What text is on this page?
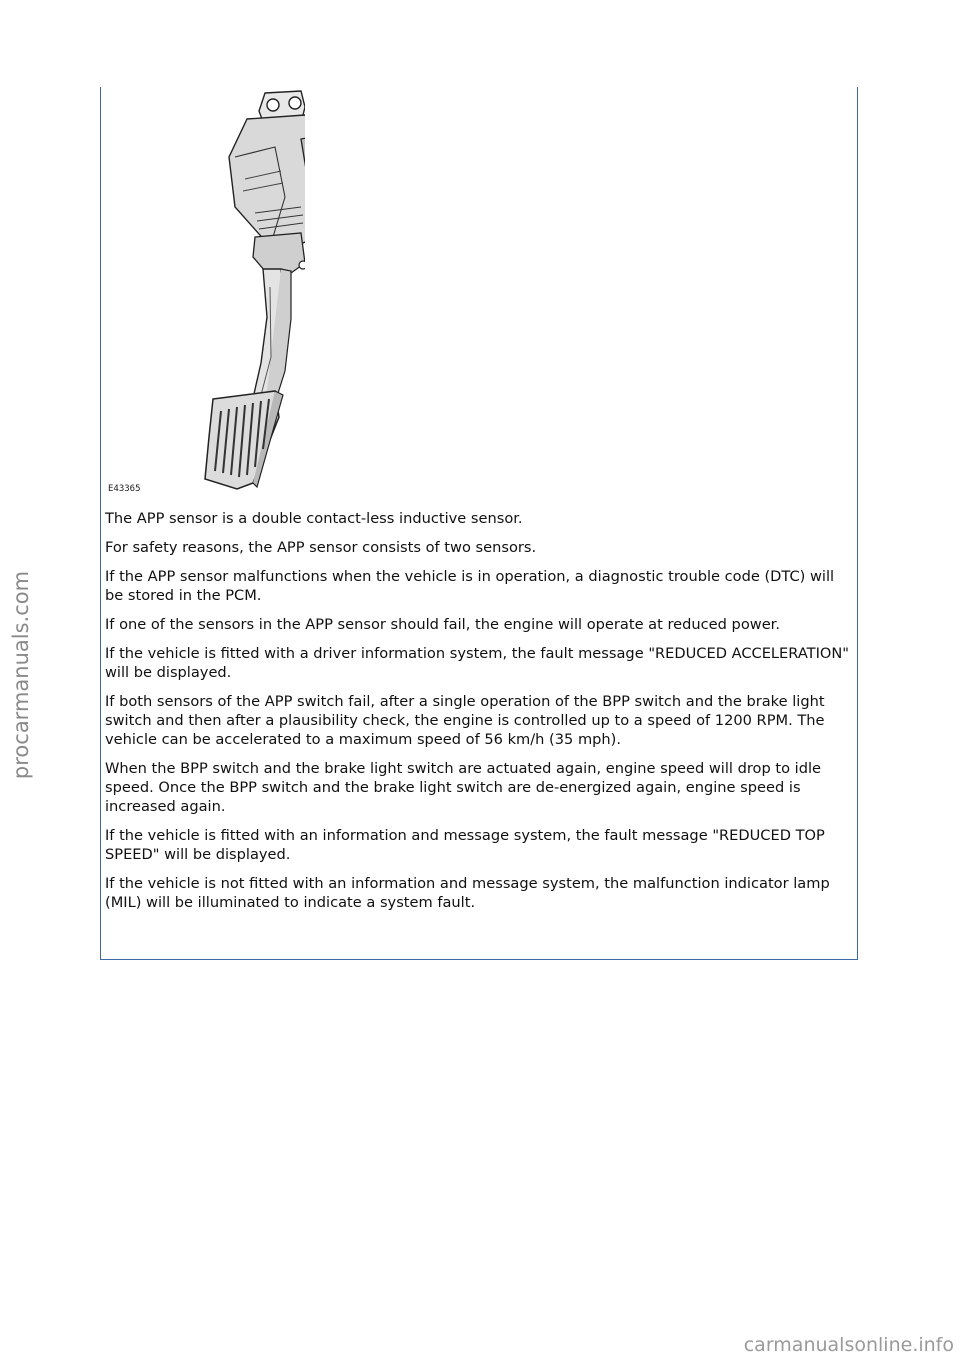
procarmanuals.com
E43365

The APP sensor is a double contact-less inductive sensor.

For safety reasons, the APP sensor consists of two sensors.

If the APP sensor malfunctions when the vehicle is in operation, a diagnostic trouble code (DTC) will be stored in the PCM.

If one of the sensors in the APP sensor should fail, the engine will operate at reduced power.

If the vehicle is fitted with a driver information system, the fault message "REDUCED ACCELERATION" will be displayed.

If both sensors of the APP switch fail, after a single operation of the BPP switch and the brake light switch and then after a plausibility check, the engine is controlled up to a speed of 1200 RPM. The vehicle can be accelerated to a maximum speed of 56 km/h (35 mph).

When the BPP switch and the brake light switch are actuated again, engine speed will drop to idle speed. Once the BPP switch and the brake light switch are de-energized again, engine speed is increased again.

If the vehicle is fitted with an information and message system, the fault message "REDUCED TOP SPEED" will be displayed.

If the vehicle is not fitted with an information and message system, the malfunction indicator lamp (MIL) will be illuminated to indicate a system fault.

carmanualsonline.info
